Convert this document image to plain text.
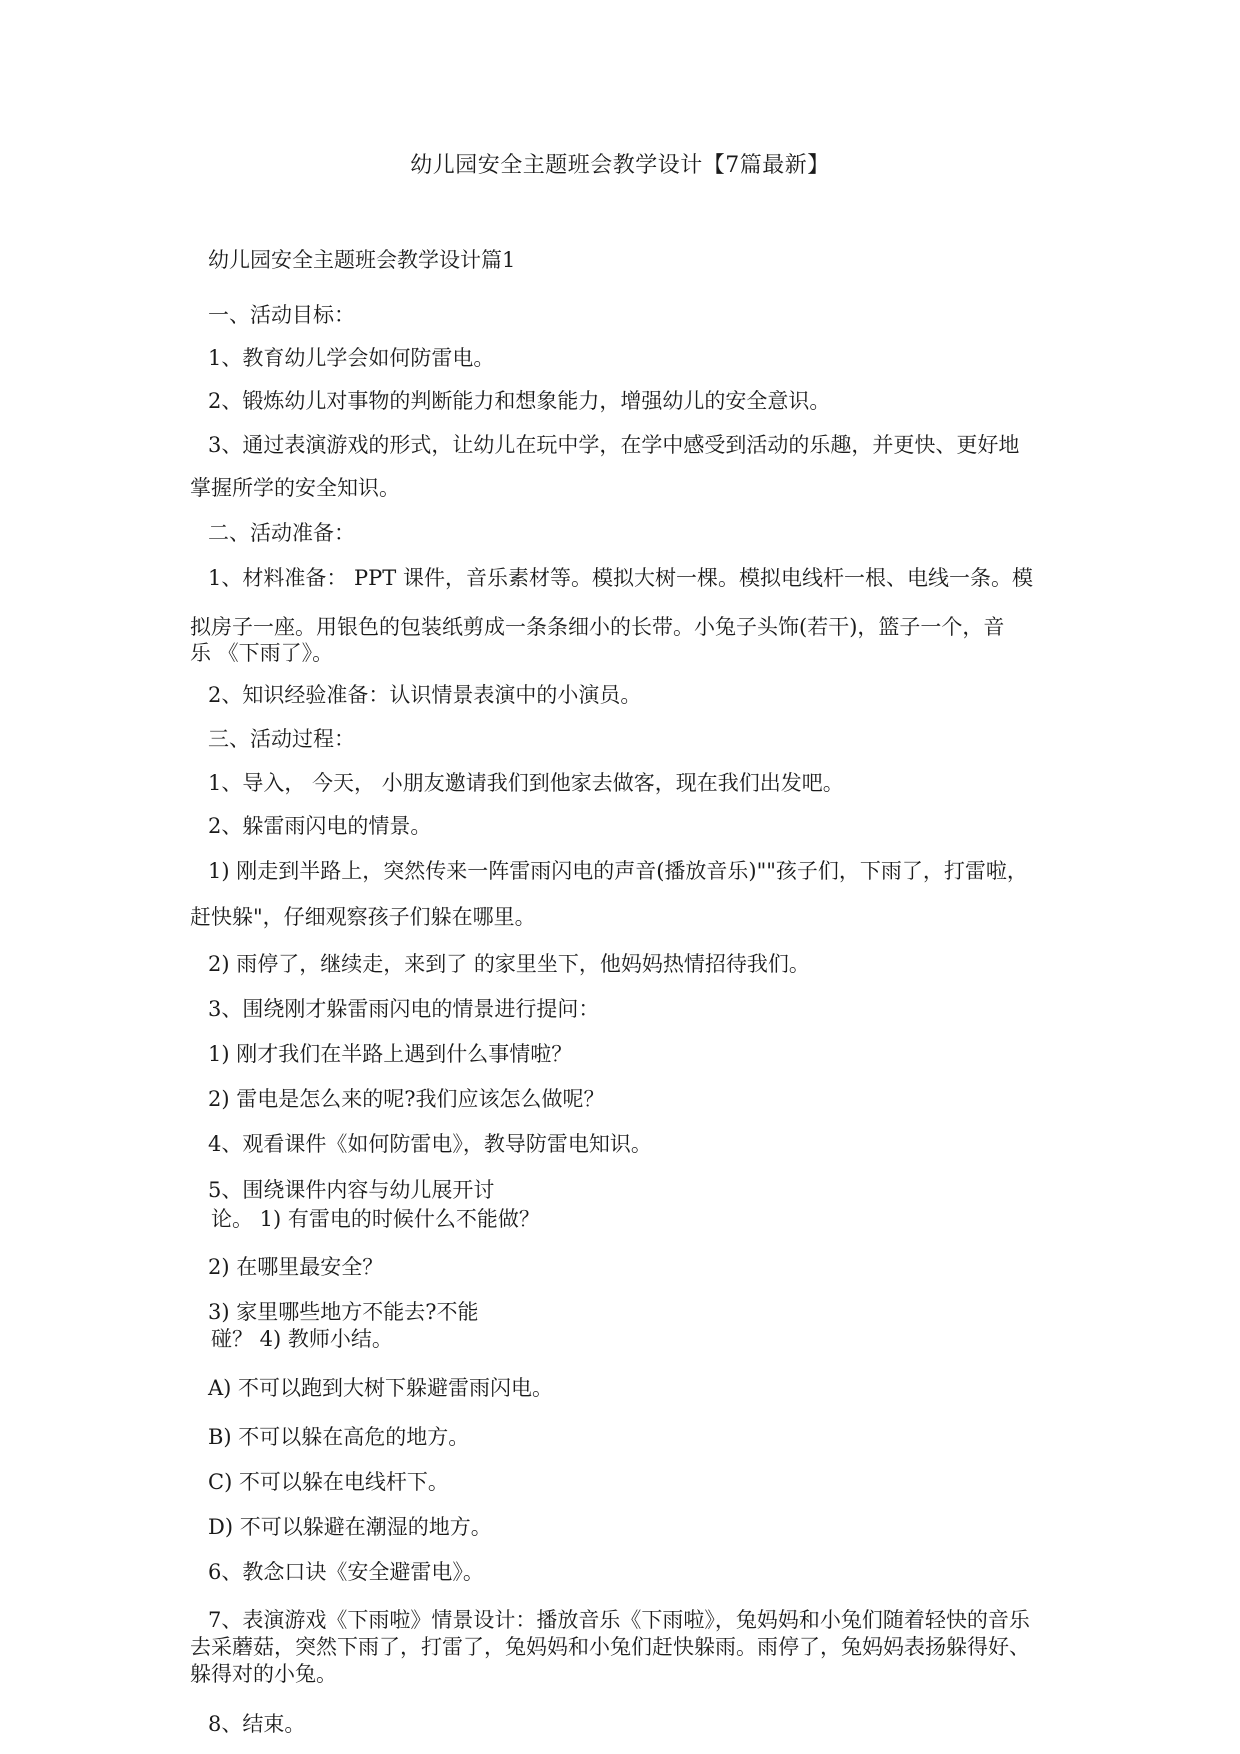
幼儿园安全主题班会教学设计【7篇最新】
幼儿园安全主题班会教学设计篇1
一、活动目标：
1、教育幼儿学会如何防雷电。
2、锻炼幼儿对事物的判断能力和想象能力，增强幼儿的安全意识。
3、通过表演游戏的形式，让幼儿在玩中学，在学中感受到活动的乐趣，并更快、更好地
掌握所学的安全知识。
二、活动准备：
1、材料准备： PPT 课件，音乐素材等。模拟大树一棵。模拟电线杆一根、电线一条。模
拟房子一座。用银色的包装纸剪成一条条细小的长带。小兔子头饰(若干)，篮子一个，音
乐 《下雨了》。
2、知识经验准备：认识情景表演中的小演员。
三、活动过程：
1、导入， 今天， 小朋友邀请我们到他家去做客，现在我们出发吧。
2、躲雷雨闪电的情景。
1) 刚走到半路上，突然传来一阵雷雨闪电的声音(播放音乐)""孩子们，下雨了，打雷啦，
赶快躲"，仔细观察孩子们躲在哪里。
2) 雨停了，继续走，来到了 的家里坐下，他妈妈热情招待我们。
3、围绕刚才躲雷雨闪电的情景进行提问：
1) 刚才我们在半路上遇到什么事情啦？
2) 雷电是怎么来的呢?我们应该怎么做呢？
4、观看课件《如何防雷电》，教导防雷电知识。
5、围绕课件内容与幼儿展开讨
论。 1) 有雷电的时候什么不能做？
2) 在哪里最安全？
3) 家里哪些地方不能去?不能
碰？ 4) 教师小结。
A) 不可以跑到大树下躲避雷雨闪电。
B) 不可以躲在高危的地方。
C) 不可以躲在电线杆下。
D) 不可以躲避在潮湿的地方。
6、教念口诀《安全避雷电》。
7、表演游戏《下雨啦》情景设计：播放音乐《下雨啦》，兔妈妈和小兔们随着轻快的音乐
去采蘑菇，突然下雨了，打雷了，兔妈妈和小兔们赶快躲雨。雨停了，兔妈妈表扬躲得好、
躲得对的小兔。
8、结束。
